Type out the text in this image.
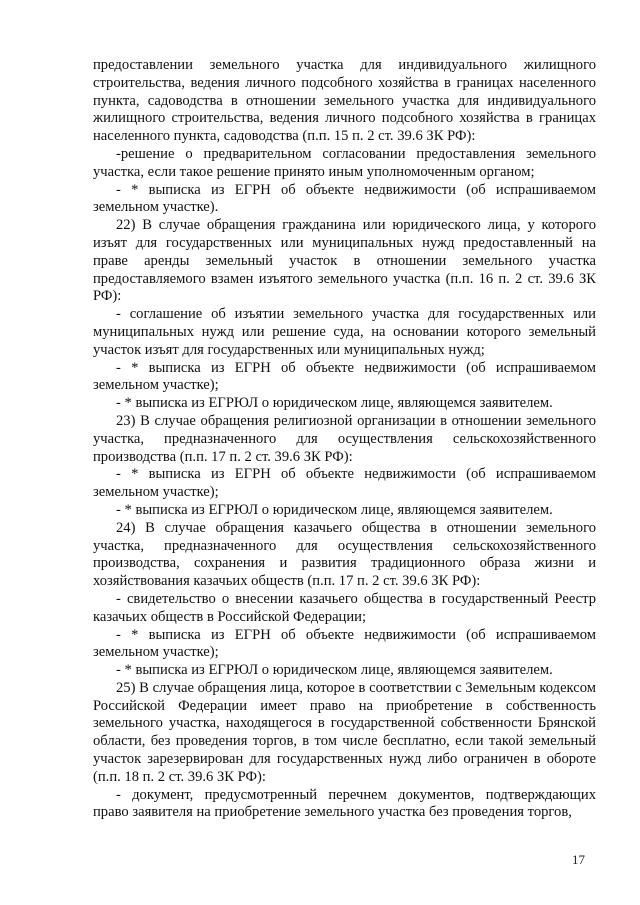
предоставлении земельного участка для индивидуального жилищного строительства, ведения личного подсобного хозяйства в границах населенного пункта, садоводства в отношении земельного участка для индивидуального жилищного строительства, ведения личного подсобного хозяйства в границах населенного пункта, садоводства (п.п. 15 п. 2 ст. 39.6 ЗК РФ):

-решение о предварительном согласовании предоставления земельного участка, если такое решение принято иным уполномоченным органом;

- * выписка из ЕГРН об объекте недвижимости (об испрашиваемом земельном участке).

22) В случае обращения гражданина или юридического лица, у которого изъят для государственных или муниципальных нужд предоставленный на праве аренды земельный участок в отношении земельного участка предоставляемого взамен изъятого земельного участка (п.п. 16 п. 2 ст. 39.6 ЗК РФ):

- соглашение об изъятии земельного участка для государственных или муниципальных нужд или решение суда, на основании которого земельный участок изъят для государственных или муниципальных нужд;

- * выписка из ЕГРН об объекте недвижимости (об испрашиваемом земельном участке);

- * выписка из ЕГРЮЛ о юридическом лице, являющемся заявителем.

23) В случае обращения религиозной организации в отношении земельного участка, предназначенного для осуществления сельскохозяйственного производства (п.п. 17 п. 2 ст. 39.6 ЗК РФ):

- * выписка из ЕГРН об объекте недвижимости (об испрашиваемом земельном участке);

- * выписка из ЕГРЮЛ о юридическом лице, являющемся заявителем.

24) В случае обращения казачьего общества в отношении земельного участка, предназначенного для осуществления сельскохозяйственного производства, сохранения и развития традиционного образа жизни и хозяйствования казачьих обществ (п.п. 17 п. 2 ст. 39.6 ЗК РФ):

- свидетельство о внесении казачьего общества в государственный Реестр казачьих обществ в Российской Федерации;

- * выписка из ЕГРН об объекте недвижимости (об испрашиваемом земельном участке);

- * выписка из ЕГРЮЛ о юридическом лице, являющемся заявителем.

25) В случае обращения лица, которое в соответствии с Земельным кодексом Российской Федерации имеет право на приобретение в собственность земельного участка, находящегося в государственной собственности Брянской области, без проведения торгов, в том числе бесплатно, если такой земельный участок зарезервирован для государственных нужд либо ограничен в обороте (п.п. 18 п. 2 ст. 39.6 ЗК РФ):

- документ, предусмотренный перечнем документов, подтверждающих право заявителя на приобретение земельного участка без проведения торгов,

17
